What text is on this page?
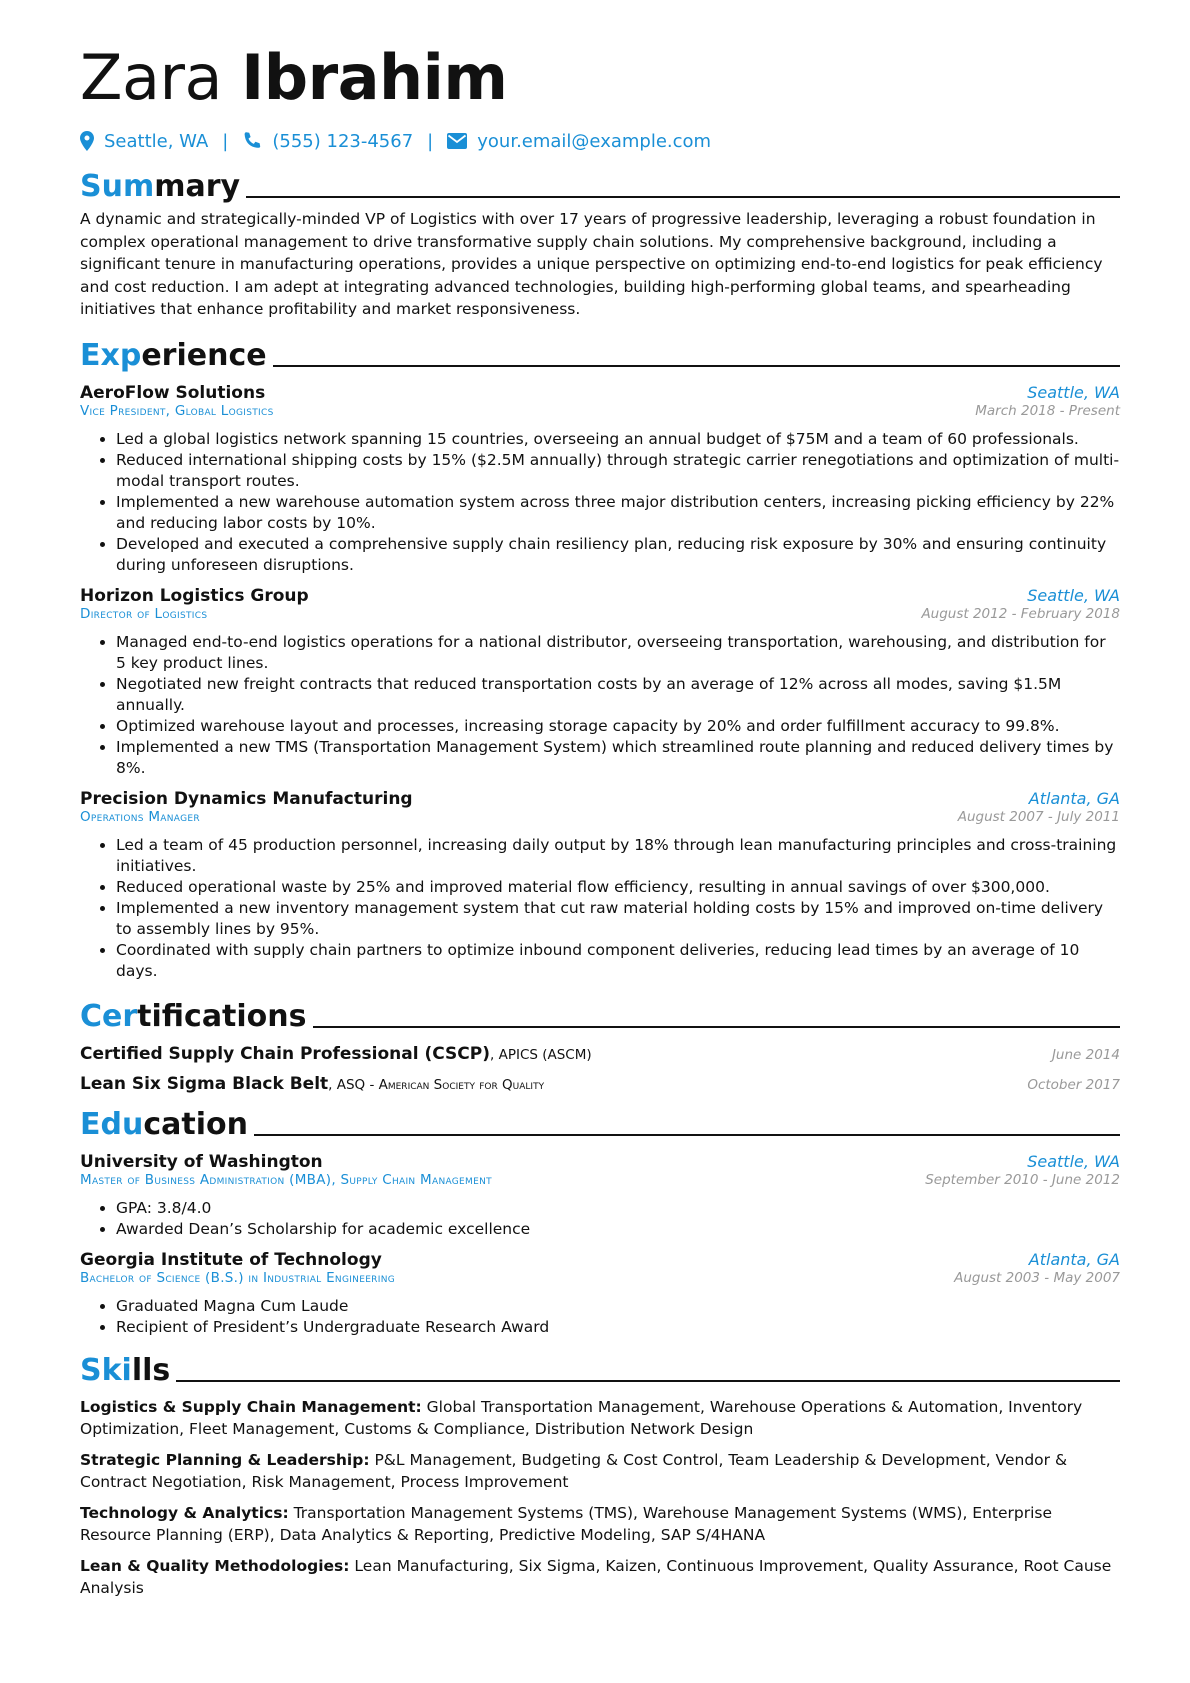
Zara Ibrahim
Seattle, WA | (555) 123-4567 | your.email@example.com
Summary
A dynamic and strategically-minded VP of Logistics with over 17 years of progressive leadership, leveraging a robust foundation in complex operational management to drive transformative supply chain solutions. My comprehensive background, including a significant tenure in manufacturing operations, provides a unique perspective on optimizing end-to-end logistics for peak efficiency and cost reduction. I am adept at integrating advanced technologies, building high-performing global teams, and spearheading initiatives that enhance profitability and market responsiveness.
Experience
AeroFlow Solutions	Seattle, WA
Vice President, Global Logistics	March 2018 - Present
• Led a global logistics network spanning 15 countries, overseeing an annual budget of $75M and a team of 60 professionals.
• Reduced international shipping costs by 15% ($2.5M annually) through strategic carrier renegotiations and optimization of multi-modal transport routes.
• Implemented a new warehouse automation system across three major distribution centers, increasing picking efficiency by 22% and reducing labor costs by 10%.
• Developed and executed a comprehensive supply chain resiliency plan, reducing risk exposure by 30% and ensuring continuity during unforeseen disruptions.
Horizon Logistics Group	Seattle, WA
Director of Logistics	August 2012 - February 2018
• Managed end-to-end logistics operations for a national distributor, overseeing transportation, warehousing, and distribution for 5 key product lines.
• Negotiated new freight contracts that reduced transportation costs by an average of 12% across all modes, saving $1.5M annually.
• Optimized warehouse layout and processes, increasing storage capacity by 20% and order fulfillment accuracy to 99.8%.
• Implemented a new TMS (Transportation Management System) which streamlined route planning and reduced delivery times by 8%.
Precision Dynamics Manufacturing	Atlanta, GA
Operations Manager	August 2007 - July 2011
• Led a team of 45 production personnel, increasing daily output by 18% through lean manufacturing principles and cross-training initiatives.
• Reduced operational waste by 25% and improved material flow efficiency, resulting in annual savings of over $300,000.
• Implemented a new inventory management system that cut raw material holding costs by 15% and improved on-time delivery to assembly lines by 95%.
• Coordinated with supply chain partners to optimize inbound component deliveries, reducing lead times by an average of 10 days.
Certifications
Certified Supply Chain Professional (CSCP), APICS (ASCM)	June 2014
Lean Six Sigma Black Belt, ASQ - American Society for Quality	October 2017
Education
University of Washington	Seattle, WA
Master of Business Administration (MBA), Supply Chain Management	September 2010 - June 2012
• GPA: 3.8/4.0
• Awarded Dean’s Scholarship for academic excellence
Georgia Institute of Technology	Atlanta, GA
Bachelor of Science (B.S.) in Industrial Engineering	August 2003 - May 2007
• Graduated Magna Cum Laude
• Recipient of President’s Undergraduate Research Award
Skills
Logistics & Supply Chain Management: Global Transportation Management, Warehouse Operations & Automation, Inventory Optimization, Fleet Management, Customs & Compliance, Distribution Network Design
Strategic Planning & Leadership: P&L Management, Budgeting & Cost Control, Team Leadership & Development, Vendor & Contract Negotiation, Risk Management, Process Improvement
Technology & Analytics: Transportation Management Systems (TMS), Warehouse Management Systems (WMS), Enterprise Resource Planning (ERP), Data Analytics & Reporting, Predictive Modeling, SAP S/4HANA
Lean & Quality Methodologies: Lean Manufacturing, Six Sigma, Kaizen, Continuous Improvement, Quality Assurance, Root Cause Analysis
